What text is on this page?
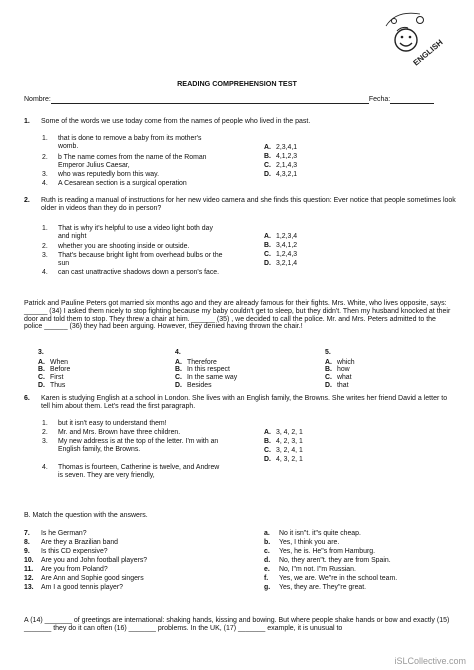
ENGLISH
READING COMPREHENSION TEST
Nombre:	Fecha:
1. Some of the words we use today come from the names of people who lived in the past.
1. that is done to remove a baby from its mother's womb.
2. b The name comes from the name of the Roman Emperor Julius Caesar,
3. who was reputedly born this way.
4. A Cesarean section is a surgical operation
A. 2,3,4,1
B. 4,1,2,3
C. 2,1,4,3
D. 4,3,2,1
2. Ruth is reading a manual of instructions for her new video camera and she finds this question: Ever notice that people sometimes look older in videos than they do in person?
1. That is why it's helpful to use a video light both day and night
2. whether you are shooting inside or outside.
3. That's because bright light from overhead bulbs or the sun
4. can cast unattractive shadows down a person's face.
A. 1,2,3,4
B. 3,4,1,2
C. 1,2,4,3
D. 3,2,1,4
Patrick and Pauline Peters got married six months ago and they are already famous for their fights. Mrs. White, who lives opposite, says: ______ (34) I asked them nicely to stop fighting because my baby couldn't get to sleep, but they didn't. Then my husband knocked at their door and told them to stop. They threw a chair at him. ______ (35) , we decided to call the police. Mr. and Mrs. Peters admitted to the police ______ (36) they had been arguing. However, they denied having thrown the chair.!
3.
A. When
B. Before
C. First
D. Thus
4.
A. Therefore
B. In this respect
C. In the same way
D. Besides
5.
A. which
B. how
C. what
D. that
6. Karen is studying English at a school in London. She lives with an English family, the Browns. She writes her friend David a letter to tell him about them. Let's read the first paragraph.
1. but it isn't easy to understand them!
2. Mr. and Mrs. Brown have three children.
3. My new address is at the top of the letter. I'm with an English family, the Browns.
4. Thomas is fourteen, Catherine is twelve, and Andrew is seven. They are very friendly,
A. 3, 4, 2, 1
B. 4, 2, 3, 1
C. 3, 2, 4, 1
D. 4, 3, 2, 1
B. Match the question with the answers.
7. Is he German?
8. Are they a Brazilian band
9. Is this CD expensive?
10. Are you and John football players?
11. Are you from Poland?
12. Are Ann and Sophie good singers
13. Am I a good tennis player?
a. No it isn"t. it"s quite cheap.
b. Yes, I think you are.
c. Yes, he is. He"s from Hamburg.
d. No, they aren"t. they are from Spain.
e. No, I"m not. I"m Russian.
f. Yes, we are. We"re in the school team.
g. Yes, they are. They"re great.
A (14) _______ of greetings are international: shaking hands, kissing and bowing. But where people shake hands or bow and exactly (15) _______ they do it can often (16) _______ problems. In the UK, (17) _______ example, it is unusual to
iSLCollective.com
